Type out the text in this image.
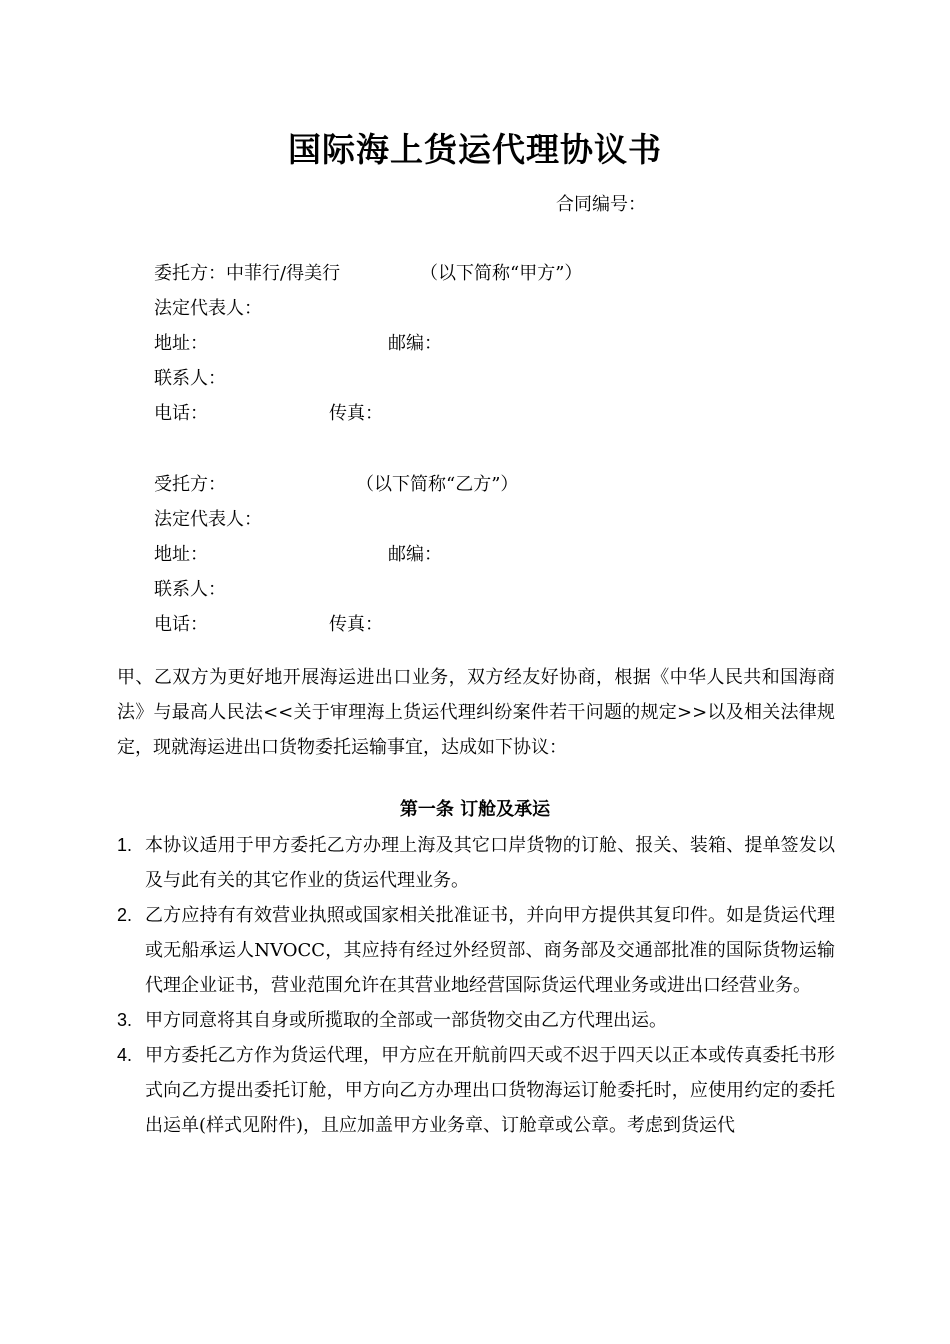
国际海上货运代理协议书
合同编号：
委托方：中菲行/得美行	（以下简称“甲方”）
法定代表人：
地址：	邮编：
联系人：
电话：	传真：
受托方：	（以下简称“乙方”）
法定代表人：
地址：	邮编：
联系人：
电话：	传真：
甲、乙双方为更好地开展海运进出口业务，双方经友好协商，根据《中华人民共和国海商法》与最高人民法<<关于审理海上货运代理纠纷案件若干问题的规定>>以及相关法律规定，现就海运进出口货物委托运输事宜，达成如下协议：
第一条 订舱及承运
1. 本协议适用于甲方委托乙方办理上海及其它口岸货物的订舱、报关、装箱、提单签发以及与此有关的其它作业的货运代理业务。
2. 乙方应持有有效营业执照或国家相关批准证书，并向甲方提供其复印件。如是货运代理或无船承运人NVOCC，其应持有经过外经贸部、商务部及交通部批准的国际货物运输代理企业证书，营业范围允许在其营业地经营国际货运代理业务或进出口经营业务。
3. 甲方同意将其自身或所揽取的全部或一部货物交由乙方代理出运。
4. 甲方委托乙方作为货运代理，甲方应在开航前四天或不迟于四天以正本或传真委托书形式向乙方提出委托订舱，甲方向乙方办理出口货物海运订舱委托时，应使用约定的委托出运单(样式见附件)，且应加盖甲方业务章、订舱章或公章。考虑到货运代
